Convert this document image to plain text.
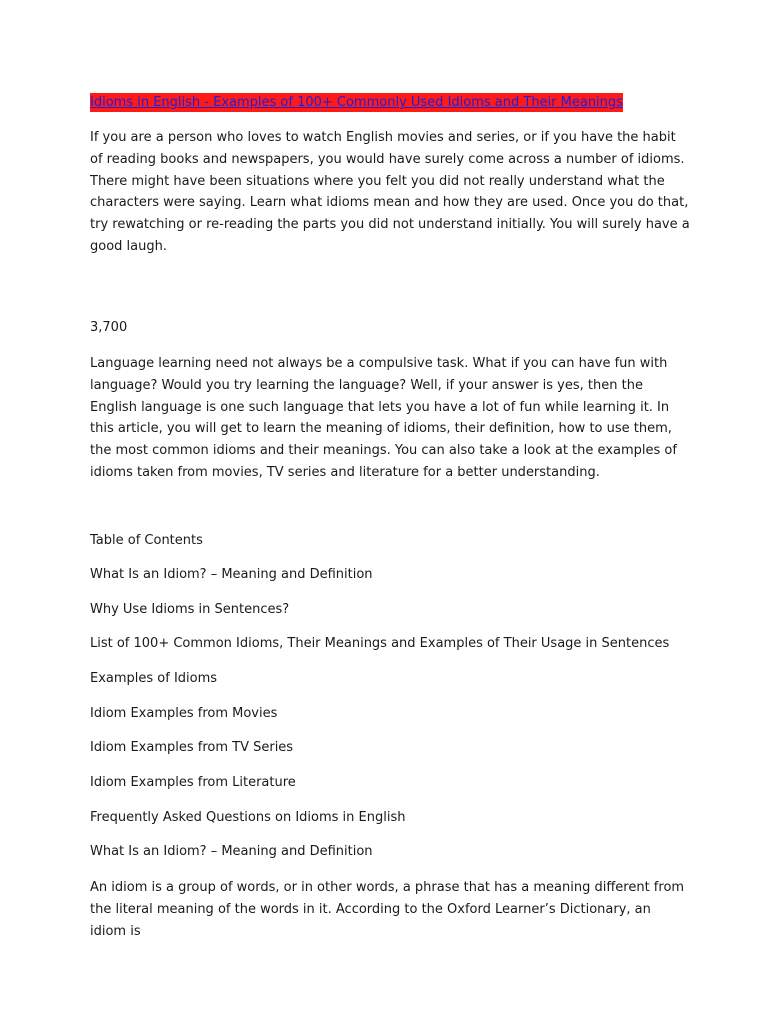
Idioms in English - Examples of 100+ Commonly Used Idioms and Their Meanings

If you are a person who loves to watch English movies and series, or if you have the habit of reading books and newspapers, you would have surely come across a number of idioms. There might have been situations where you felt you did not really understand what the characters were saying. Learn what idioms mean and how they are used. Once you do that, try rewatching or re-reading the parts you did not understand initially. You will surely have a good laugh.

3,700

Language learning need not always be a compulsive task. What if you can have fun with language? Would you try learning the language? Well, if your answer is yes, then the English language is one such language that lets you have a lot of fun while learning it. In this article, you will get to learn the meaning of idioms, their definition, how to use them, the most common idioms and their meanings. You can also take a look at the examples of idioms taken from movies, TV series and literature for a better understanding.

Table of Contents

What Is an Idiom? – Meaning and Definition

Why Use Idioms in Sentences?

List of 100+ Common Idioms, Their Meanings and Examples of Their Usage in Sentences

Examples of Idioms

Idiom Examples from Movies

Idiom Examples from TV Series

Idiom Examples from Literature

Frequently Asked Questions on Idioms in English

What Is an Idiom? – Meaning and Definition

An idiom is a group of words, or in other words, a phrase that has a meaning different from the literal meaning of the words in it. According to the Oxford Learner’s Dictionary, an idiom is
